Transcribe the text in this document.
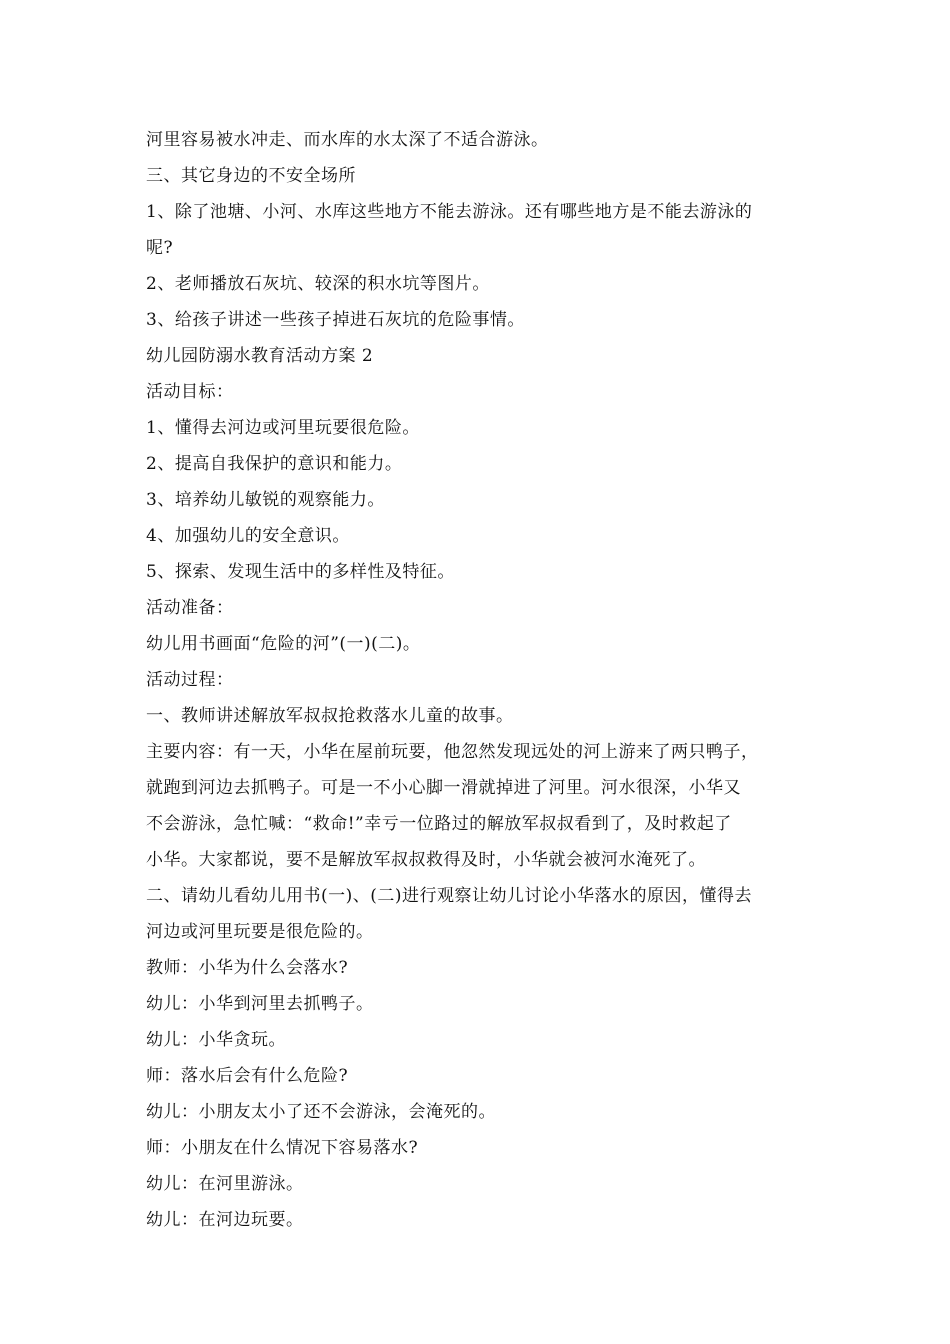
河里容易被水冲走、而水库的水太深了不适合游泳。
三、其它身边的不安全场所
1、除了池塘、小河、水库这些地方不能去游泳。还有哪些地方是不能去游泳的
呢?
2、老师播放石灰坑、较深的积水坑等图片。
3、给孩子讲述一些孩子掉进石灰坑的危险事情。
幼儿园防溺水教育活动方案 2
活动目标：
1、懂得去河边或河里玩要很危险。
2、提高自我保护的意识和能力。
3、培养幼儿敏锐的观察能力。
4、加强幼儿的安全意识。
5、探索、发现生活中的多样性及特征。
活动准备：
幼儿用书画面“危险的河”(一)(二)。
活动过程：
一、教师讲述解放军叔叔抢救落水儿童的故事。
主要内容：有一天，小华在屋前玩要，他忽然发现远处的河上游来了两只鸭子，
就跑到河边去抓鸭子。可是一不小心脚一滑就掉进了河里。河水很深，小华又
不会游泳，急忙喊：“救命!”幸亏一位路过的解放军叔叔看到了，及时救起了
小华。大家都说，要不是解放军叔叔救得及时，小华就会被河水淹死了。
二、请幼儿看幼儿用书(一)、(二)进行观察让幼儿讨论小华落水的原因，懂得去
河边或河里玩要是很危险的。
教师：小华为什么会落水?
幼儿：小华到河里去抓鸭子。
幼儿：小华贪玩。
师：落水后会有什么危险?
幼儿：小朋友太小了还不会游泳，会淹死的。
师：小朋友在什么情况下容易落水?
幼儿：在河里游泳。
幼儿：在河边玩要。
